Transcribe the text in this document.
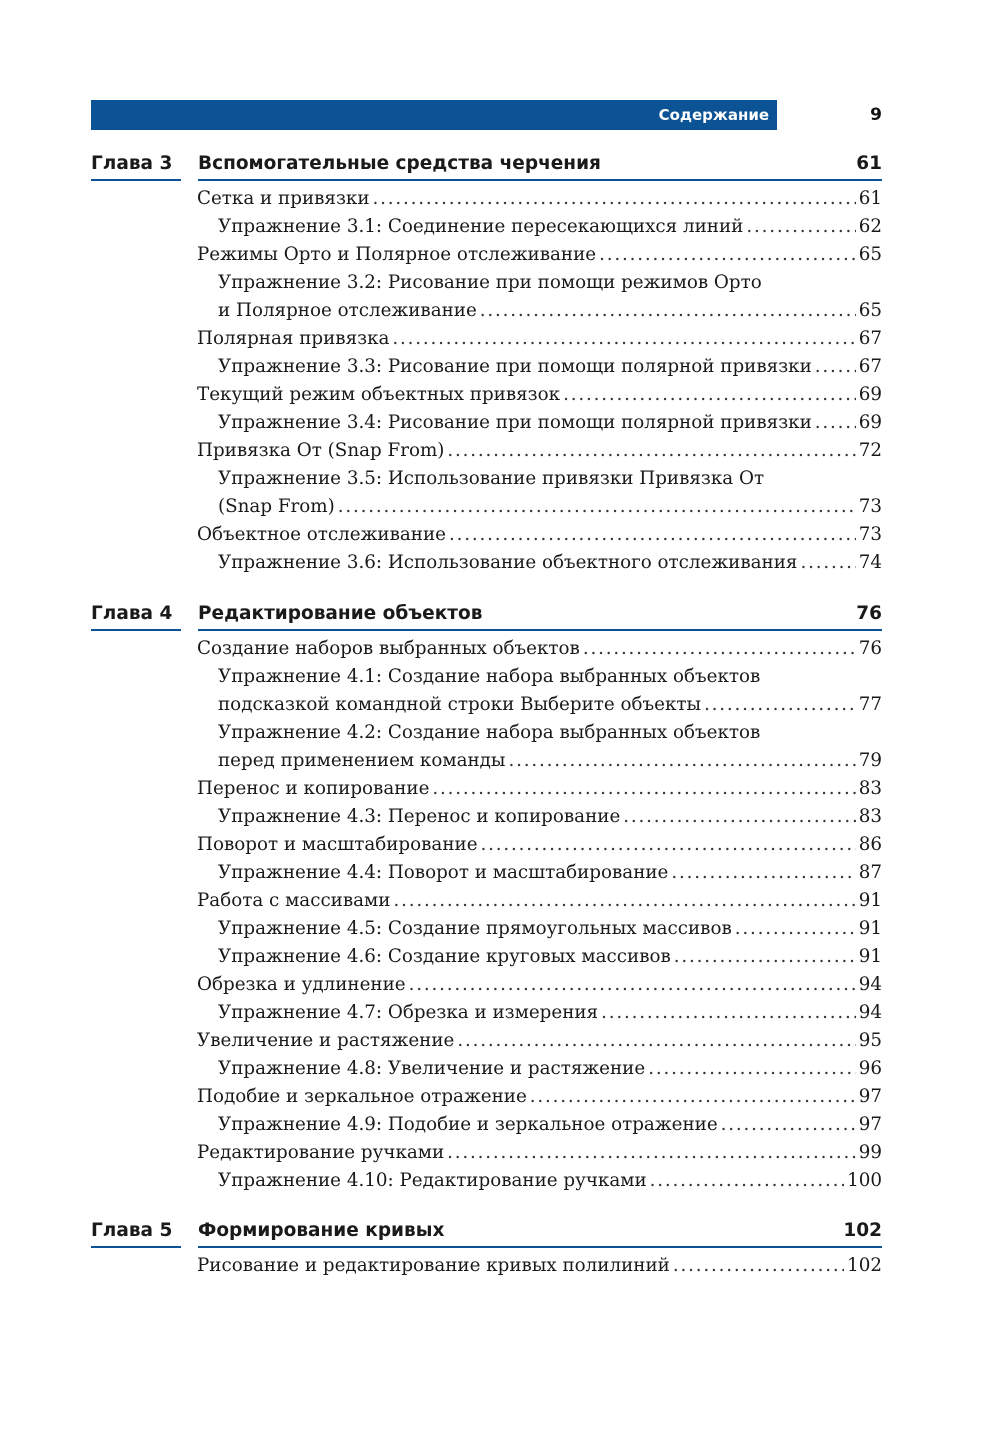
Содержание	9
Глава 3 Вспомогательные средства черчения	61
Сетка и привязки . . .	61
Упражнение 3.1: Соединение пересекающихся линий . . .	62
Режимы Орто и Полярное отслеживание . . .	65
Упражнение 3.2: Рисование при помощи режимов Орто
и Полярное отслеживание . . .	65
Полярная привязка . . .	67
Упражнение 3.3: Рисование при помощи полярной привязки . . .	67
Текущий режим объектных привязок . . .	69
Упражнение 3.4: Рисование при помощи полярной привязки . . .	69
Привязка От (Snap From) . . .	72
Упражнение 3.5: Использование привязки Привязка От
(Snap From) . . .	73
Объектное отслеживание . . .	73
Упражнение 3.6: Использование объектного отслеживания . . .	74
Глава 4 Редактирование объектов	76
Создание наборов выбранных объектов . . .	76
Упражнение 4.1: Создание набора выбранных объектов
подсказкой командной строки Выберите объекты . . .	77
Упражнение 4.2: Создание набора выбранных объектов
перед применением команды . . .	79
Перенос и копирование . . .	83
Упражнение 4.3: Перенос и копирование . . .	83
Поворот и масштабирование . . .	86
Упражнение 4.4: Поворот и масштабирование . . .	87
Работа с массивами . . .	91
Упражнение 4.5: Создание прямоугольных массивов . . .	91
Упражнение 4.6: Создание круговых массивов . . .	91
Обрезка и удлинение . . .	94
Упражнение 4.7: Обрезка и измерения . . .	94
Увеличение и растяжение . . .	95
Упражнение 4.8: Увеличение и растяжение . . .	96
Подобие и зеркальное отражение . . .	97
Упражнение 4.9: Подобие и зеркальное отражение . . .	97
Редактирование ручками . . .	99
Упражнение 4.10: Редактирование ручками . . .	100
Глава 5 Формирование кривых	102
Рисование и редактирование кривых полилиний . . .	102
